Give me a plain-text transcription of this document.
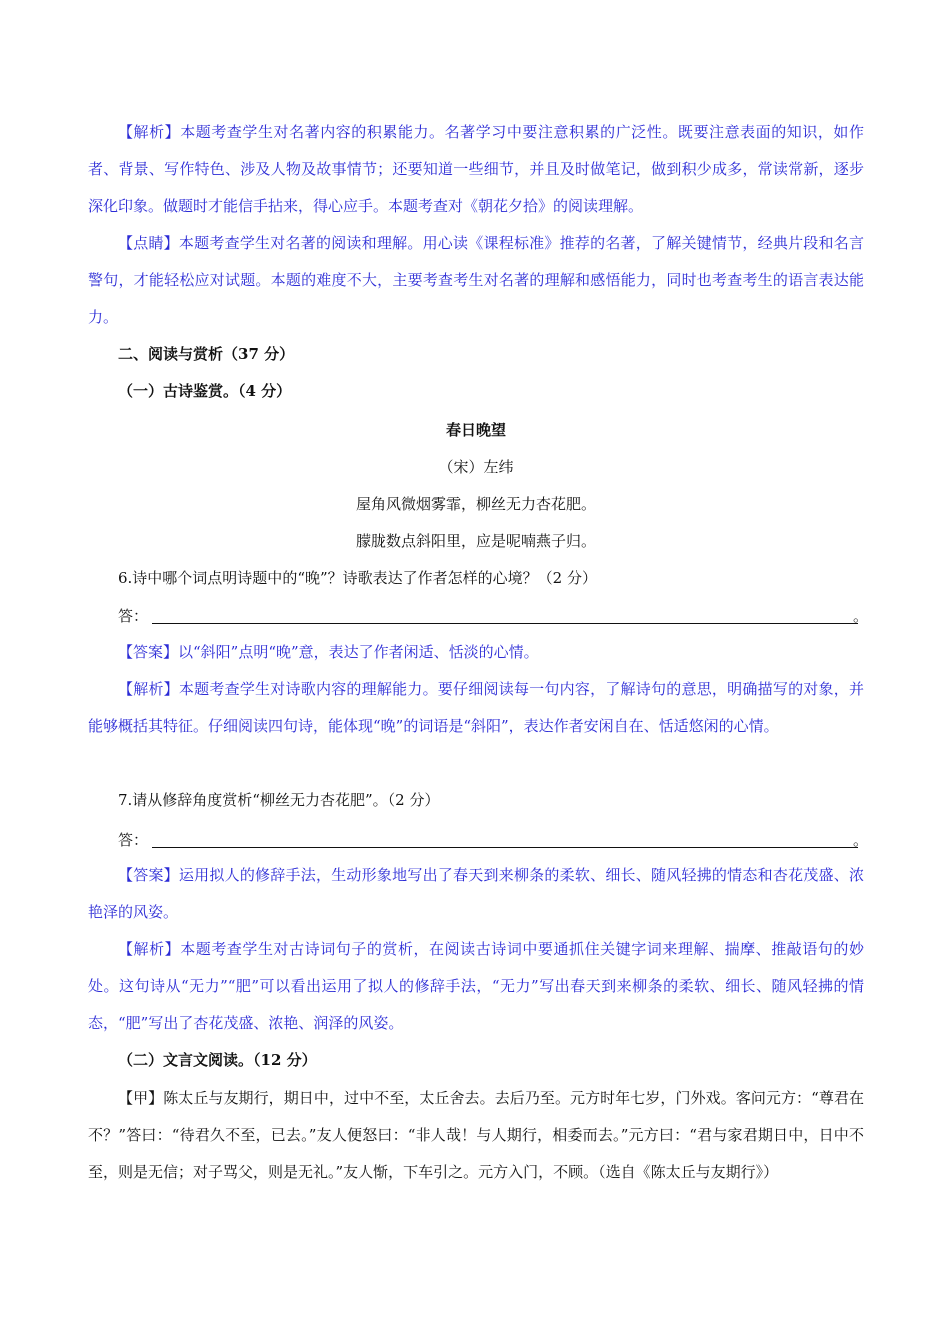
【解析】本题考查学生对名著内容的积累能力。名著学习中要注意积累的广泛性。既要注意表面的知识，如作者、背景、写作特色、涉及人物及故事情节；还要知道一些细节，并且及时做笔记，做到积少成多，常读常新，逐步深化印象。做题时才能信手拈来，得心应手。本题考查对《朝花夕拾》的阅读理解。
【点睛】本题考查学生对名著的阅读和理解。用心读《课程标准》推荐的名著，了解关键情节，经典片段和名言警句，才能轻松应对试题。本题的难度不大，主要考查考生对名著的理解和感悟能力，同时也考查考生的语言表达能力。
二、阅读与赏析（37 分）
（一）古诗鉴赏。（4 分）
春日晚望
（宋）左纬
屋角风微烟雾霏，柳丝无力杏花肥。
朦胧数点斜阳里，应是呢喃燕子归。
6.诗中哪个词点明诗题中的“晚”？诗歌表达了作者怎样的心境？（2 分）
答：	。
【答案】以“斜阳”点明“晚”意，表达了作者闲适、恬淡的心情。
【解析】本题考查学生对诗歌内容的理解能力。要仔细阅读每一句内容，了解诗句的意思，明确描写的对象，并能够概括其特征。仔细阅读四句诗，能体现“晚”的词语是“斜阳”，表达作者安闲自在、恬适悠闲的心情。
7.请从修辞角度赏析“柳丝无力杏花肥”。（2 分）
答：	。
【答案】运用拟人的修辞手法，生动形象地写出了春天到来柳条的柔软、细长、随风轻拂的情态和杏花茂盛、浓艳泽的风姿。
【解析】本题考查学生对古诗词句子的赏析，在阅读古诗词中要通抓住关键字词来理解、揣摩、推敲语句的妙处。这句诗从“无力”“肥”可以看出运用了拟人的修辞手法，“无力”写出春天到来柳条的柔软、细长、随风轻拂的情态，“肥”写出了杏花茂盛、浓艳、润泽的风姿。
（二）文言文阅读。（12 分）
【甲】陈太丘与友期行，期日中，过中不至，太丘舍去。去后乃至。元方时年七岁，门外戏。客问元方：“尊君在不？”答曰：“待君久不至，已去。”友人便怒曰：“非人哉！与人期行，相委而去。”元方曰：“君与家君期日中，日中不至，则是无信；对子骂父，则是无礼。”友人惭，下车引之。元方入门，不顾。（选自《陈太丘与友期行》）
